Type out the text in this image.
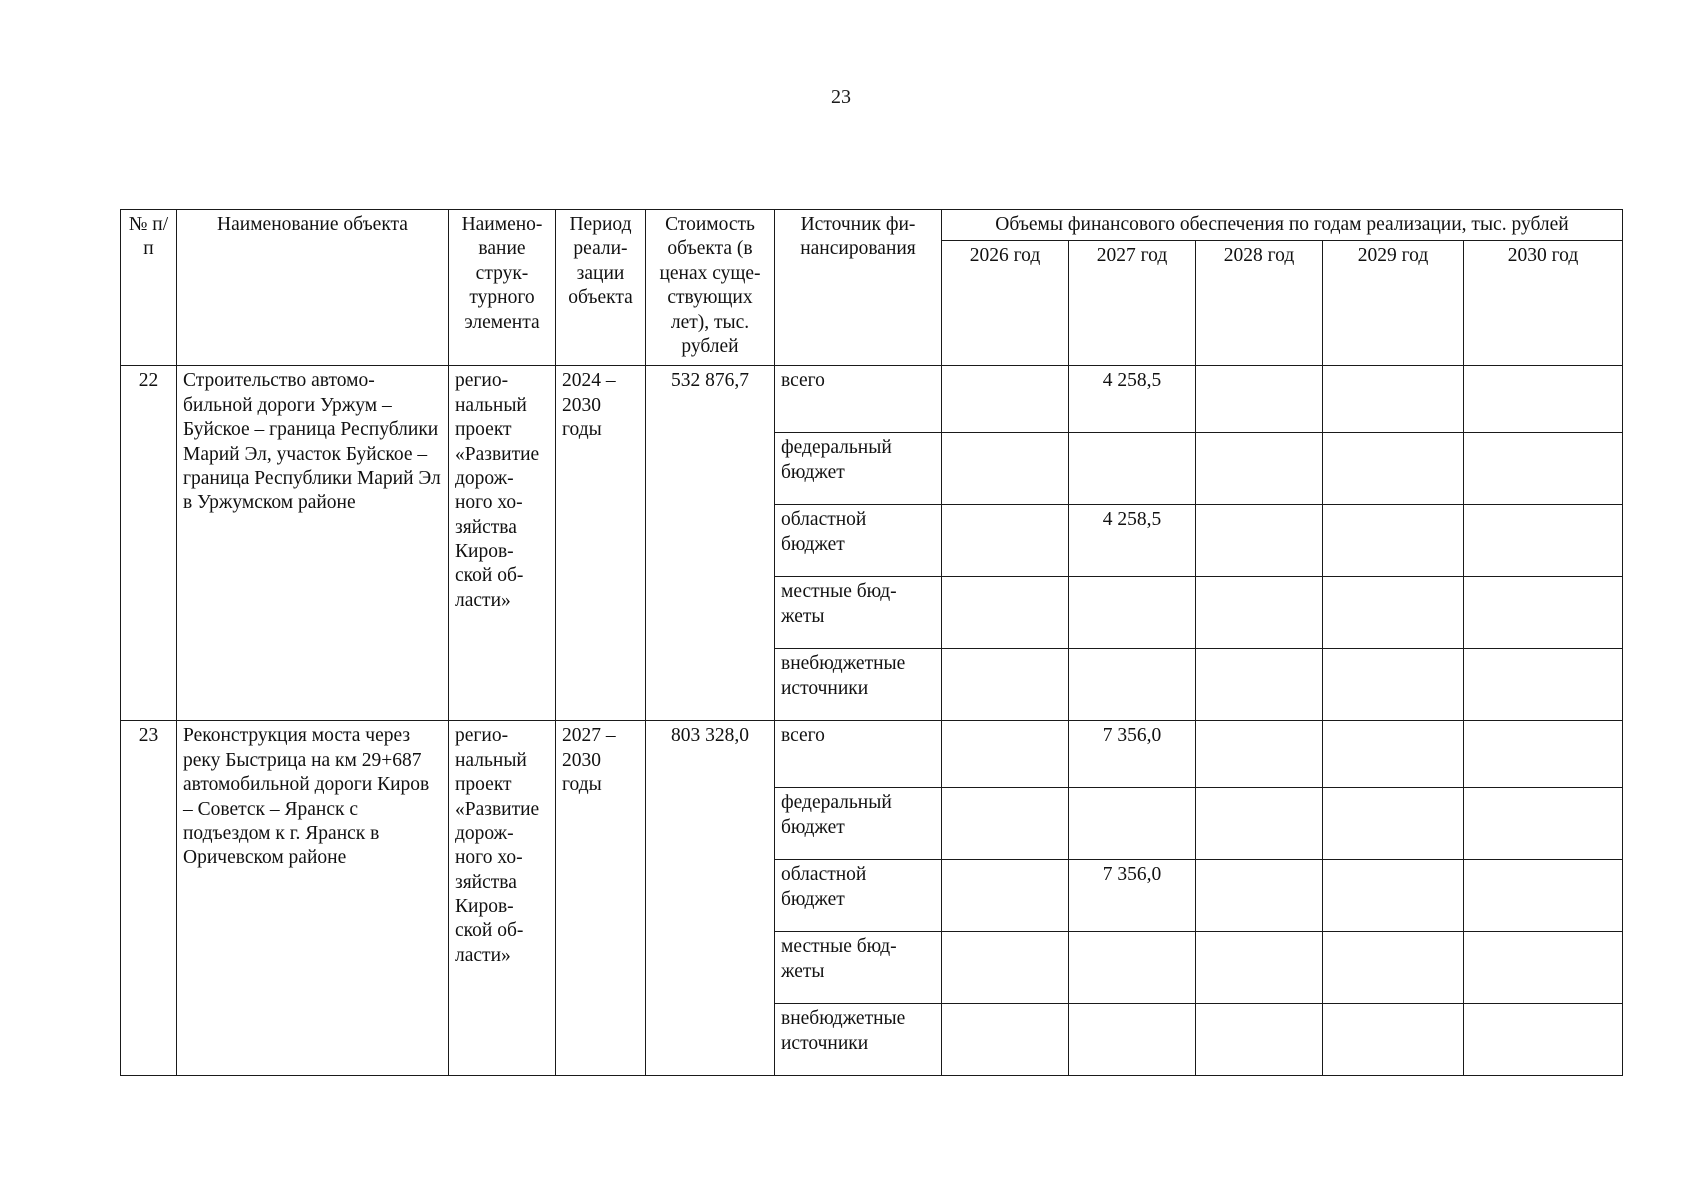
23
№ п/п	Наименование объекта	Наимено-вание струк-турного элемента	Период реали-зации объекта	Стоимость объекта (в ценах суще-ствующих лет), тыс. рублей	Источник фи-нансирования	Объемы финансового обеспечения по годам реализации, тыс. рублей				
						2026 год	2027 год	2028 год	2029 год	2030 год
22	Строительство автомо-бильной дороги Уржум – Буйское – граница Республики Марий Эл, участок Буйское – граница Республики Марий Эл в Уржумском районе	регио-нальный проект «Развитие дорож-ного хо-зяйства Киров-ской об-ласти»	2024 – 2030 годы	532 876,7	всего		4 258,5			
					федеральный бюджет					
					областной бюджет		4 258,5			
					местные бюд-жеты					
					внебюджетные источники					
23	Реконструкция моста через реку Быстрица на км 29+687 автомобильной дороги Киров – Советск – Яранск с подъездом к г. Яранск в Оричевском районе	регио-нальный проект «Развитие дорож-ного хо-зяйства Киров-ской об-ласти»	2027 – 2030 годы	803 328,0	всего		7 356,0			
					федеральный бюджет					
					областной бюджет		7 356,0			
					местные бюд-жеты					
					внебюджетные источники					
